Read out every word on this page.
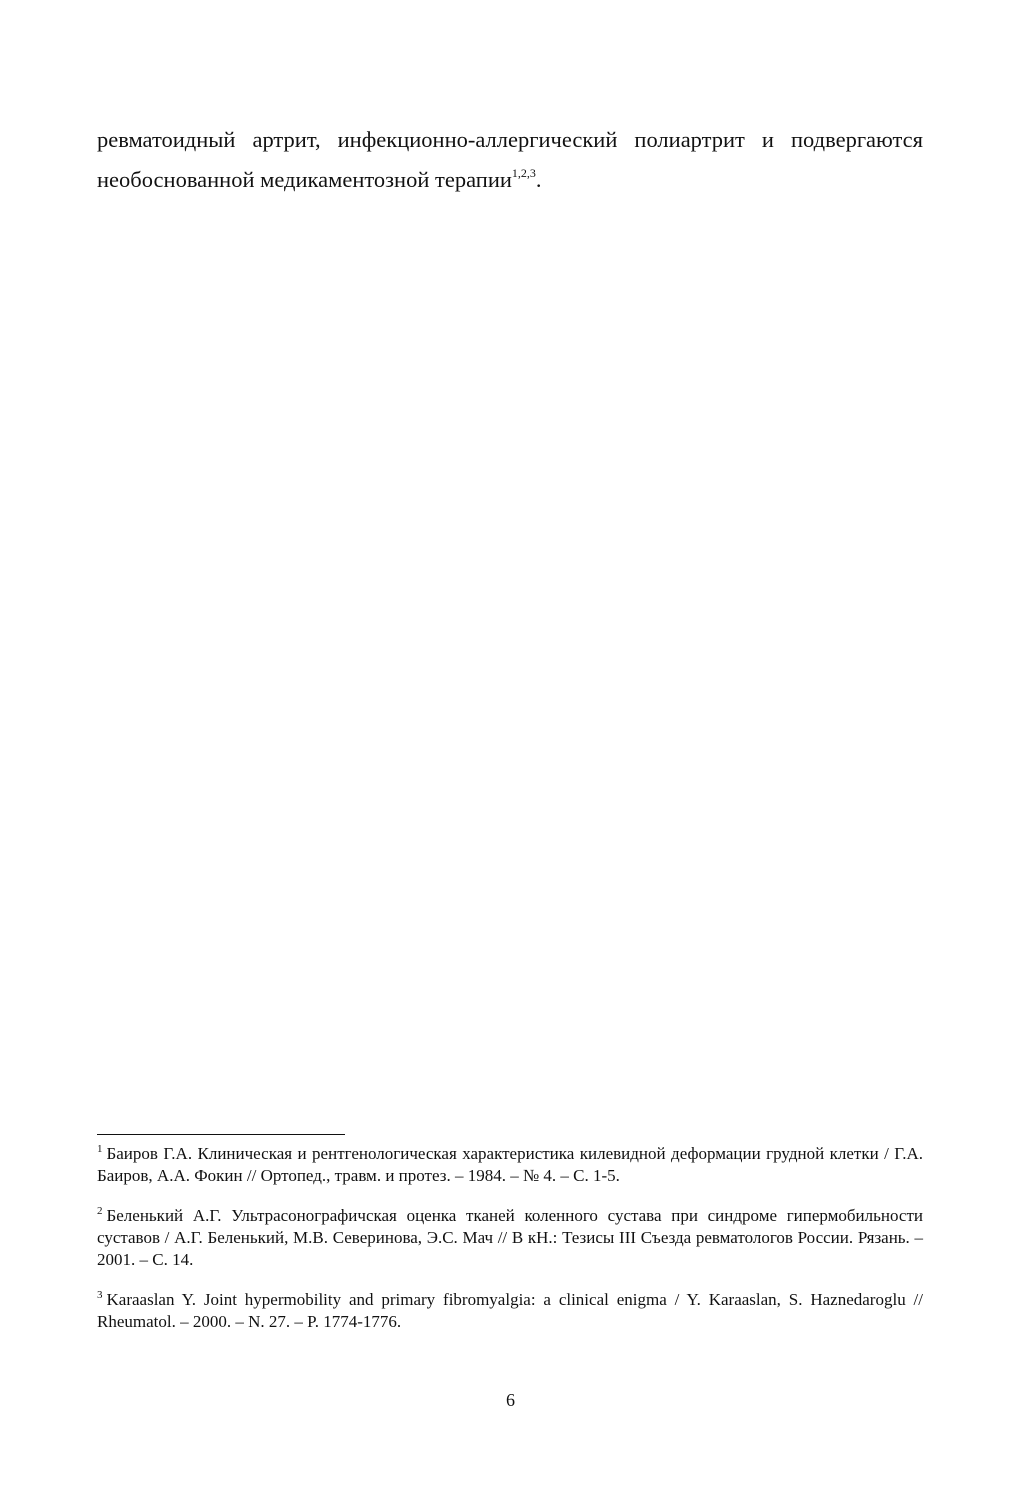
ревматоидный артрит, инфекционно-аллергический полиартрит и подвергаются
необоснованной медикаментозной терапии$^{1,2,3}$.

$^1$ Баиров Г.А. Клиническая и рентгенологическая характеристика килевидной деформации грудной клетки / Г.А. Баиров, А.А. Фокин // Ортопед., травм. и протез. – 1984. – № 4. – С. 1-5.

$^2$ Беленький А.Г. Ультрасонографичская оценка тканей коленного сустава при синдроме гипермобильности суставов / А.Г. Беленький, М.В. Северинова, Э.С. Мач // В кН.: Тезисы III Съезда ревматологов России. Рязань. – 2001. – С. 14.

$^3$ Karaaslan Y. Joint hypermobility and primary fibromyalgia: a clinical enigma / Y. Karaaslan, S. Haznedaroglu // Rheumatol. – 2000. – N. 27. – P. 1774-1776.

6
